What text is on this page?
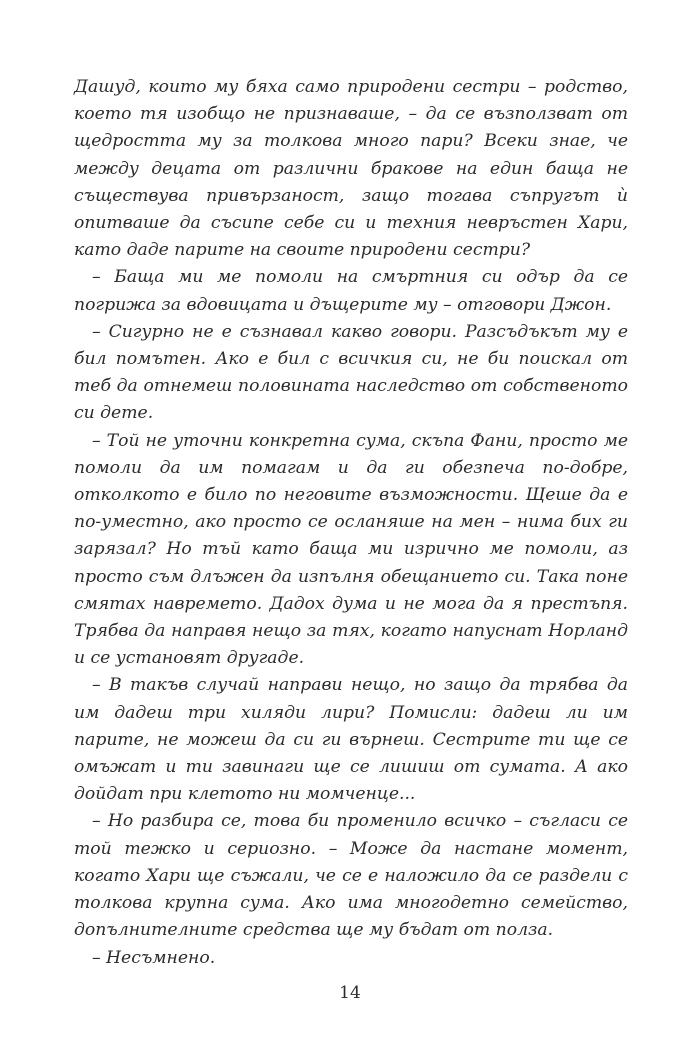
Дашуд, които му бяха само природени сестри – родство, което тя изобщо не признаваше, – да се възползват от щедростта му за толкова много пари? Всеки знае, че между децата от различни бракове на един баща не съществува привързаност, защо тогава съпругът ѝ опитваше да съсипе себе си и техния невръстен Хари, като даде парите на своите природени сестри?

– Баща ми ме помоли на смъртния си одър да се погрижа за вдовицата и дъщерите му – отговори Джон.

– Сигурно не е съзнавал какво говори. Разсъдъкът му е бил помътен. Ако е бил с всичкия си, не би поискал от теб да отнемеш половината наследство от собственото си дете.

– Той не уточни конкретна сума, скъпа Фани, просто ме помоли да им помагам и да ги обезпеча по-добре, отколкото е било по неговите възможности. Щеше да е по-уместно, ако просто се осланяше на мен – нима бих ги зарязал? Но тъй като баща ми изрично ме помоли, аз просто съм длъжен да изпълня обещанието си. Така поне смятах навремето. Дадох дума и не мога да я престъпя. Трябва да направя нещо за тях, когато напуснат Норланд и се установят другаде.

– В такъв случай направи нещо, но защо да трябва да им дадеш три хиляди лири? Помисли: дадеш ли им парите, не можеш да си ги върнеш. Сестрите ти ще се омъжат и ти завинаги ще се лишиш от сумата. А ако дойдат при клетото ни момченце...

– Но разбира се, това би променило всичко – съгласи се той тежко и сериозно. – Може да настане момент, когато Хари ще съжали, че се е наложило да се раздели с толкова крупна сума. Ако има многодетно семейство, допълнителните средства ще му бъдат от полза.

– Несъмнено.

14
